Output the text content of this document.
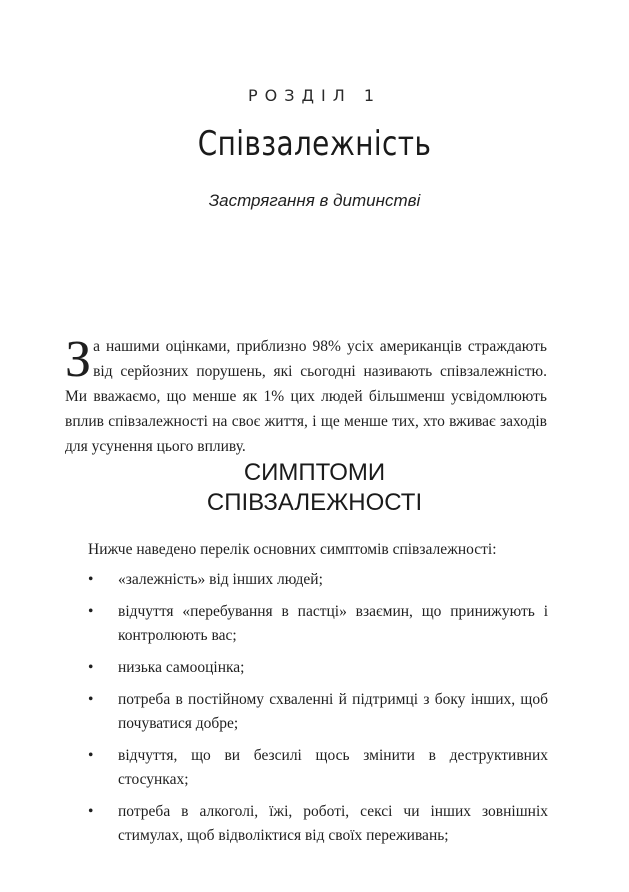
РОЗДІЛ 1
Співзалежність
Застрягання в дитинстві

За нашими оцінками, приблизно 98% усіх американців страждають від серйозних порушень, які сьогодні називають співзалежністю. Ми вважаємо, що менше як 1% цих людей більшменш усвідомлюють вплив співзалежності на своє життя, і ще менше тих, хто вживає заходів для усунення цього впливу.

СИМПТОМИ
СПІВЗАЛЕЖНОСТІ
Нижче наведено перелік основних симптомів співзалежності:
• «залежність» від інших людей;
• відчуття «перебування в пастці» взаємин, що принижують і контролюють вас;
• низька самооцінка;
• потреба в постійному схваленні й підтримці з боку інших, щоб почуватися добре;
• відчуття, що ви безсилі щось змінити в деструктивних стосунках;
• потреба в алкоголі, їжі, роботі, сексі чи інших зовнішніх стимулах, щоб відволіктися від своїх переживань;
